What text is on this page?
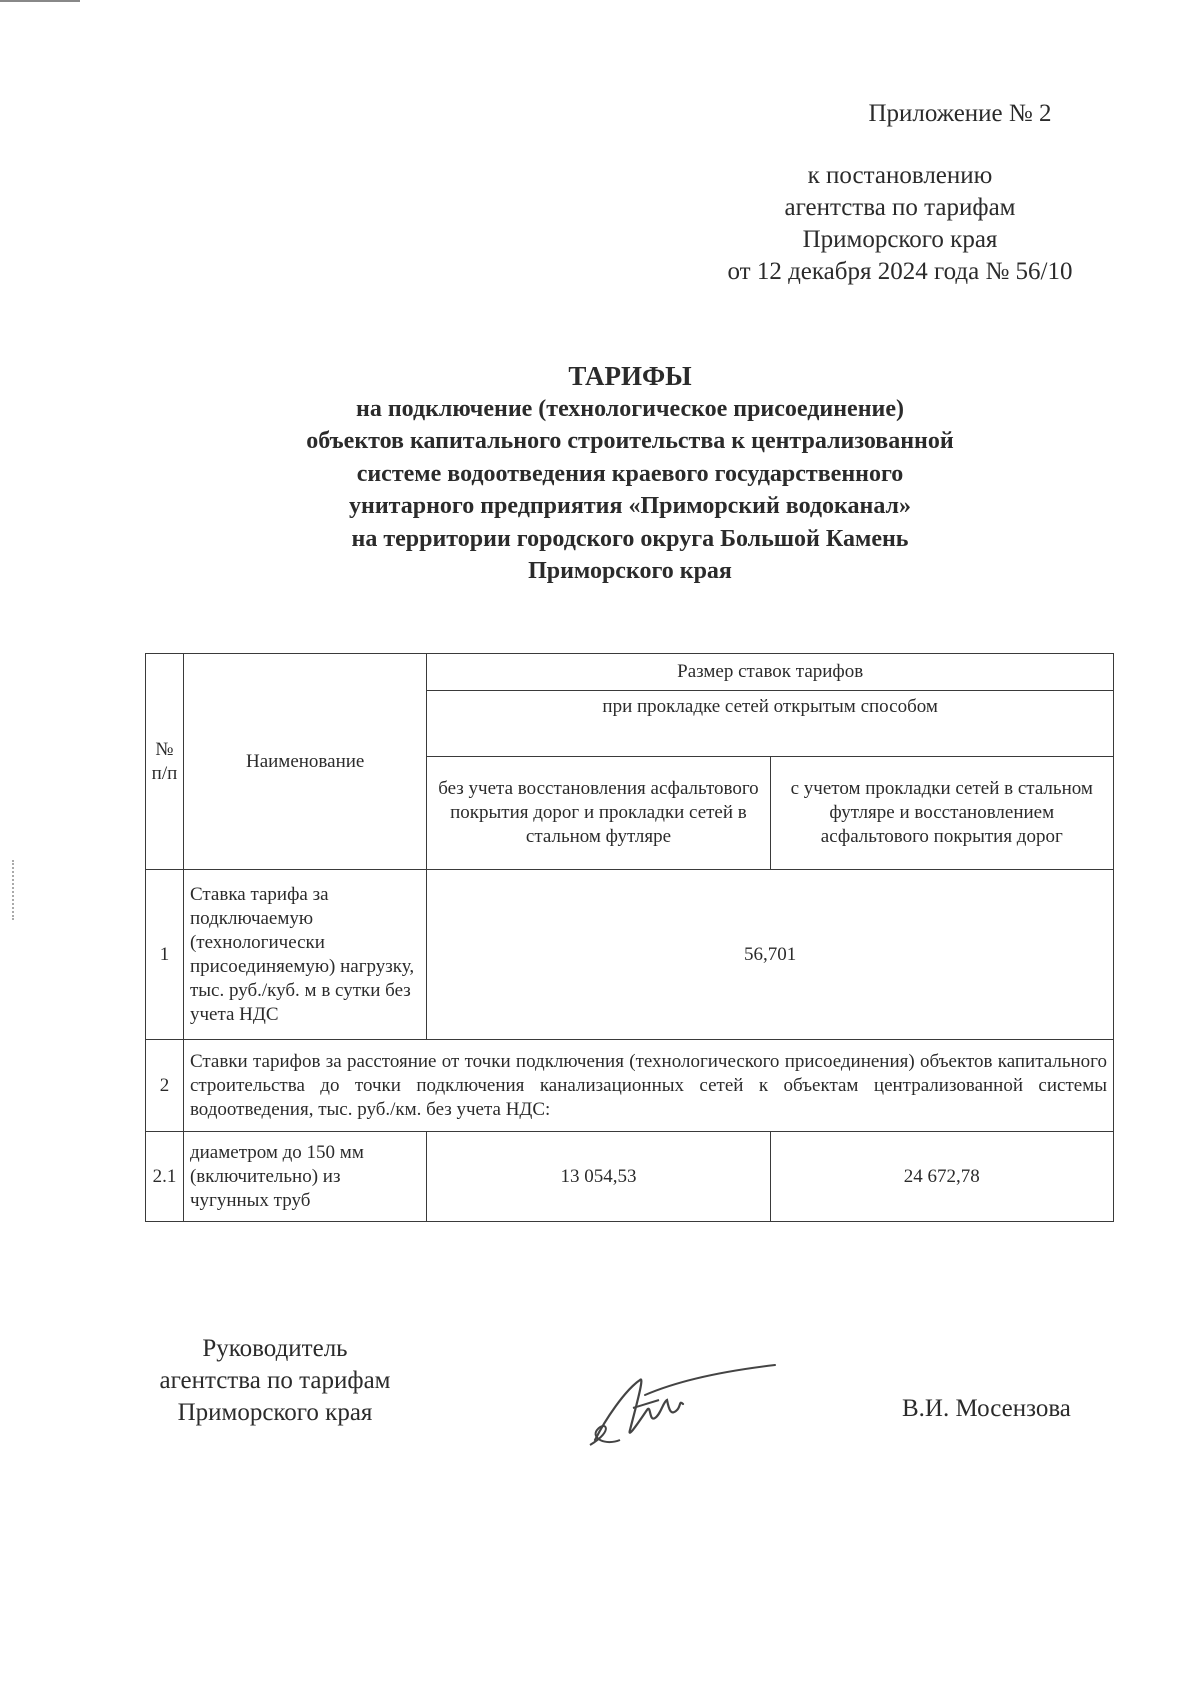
Приложение № 2
к постановлению
агентства по тарифам
Приморского края
от 12 декабря 2024 года № 56/10
ТАРИФЫ
на подключение (технологическое присоединение)
объектов капитального строительства к централизованной
системе водоотведения краевого государственного
унитарного предприятия «Приморский водоканал»
на территории городского округа Большой Камень
Приморского края
№ п/п	Наименование	Размер ставок тарифов	
		при прокладке сетей открытым способом	
		без учета восстановления асфальтового покрытия дорог и прокладки сетей в стальном футляре	с учетом прокладки сетей в стальном футляре и восстановлением асфальтового покрытия дорог
1	Ставка тарифа за подключаемую (технологически присоединяемую) нагрузку, тыс. руб./куб. м в сутки без учета НДС	56,701	
2	Ставки тарифов за расстояние от точки подключения (технологического присоединения) объектов капитального строительства до точки подключения канализационных сетей к объектам централизованной системы водоотведения, тыс. руб./км. без учета НДС:		
2.1	диаметром до 150 мм (включительно) из чугунных труб	13 054,53	24 672,78
Руководитель
агентства по тарифам
Приморского края	В.И. Мосензова
